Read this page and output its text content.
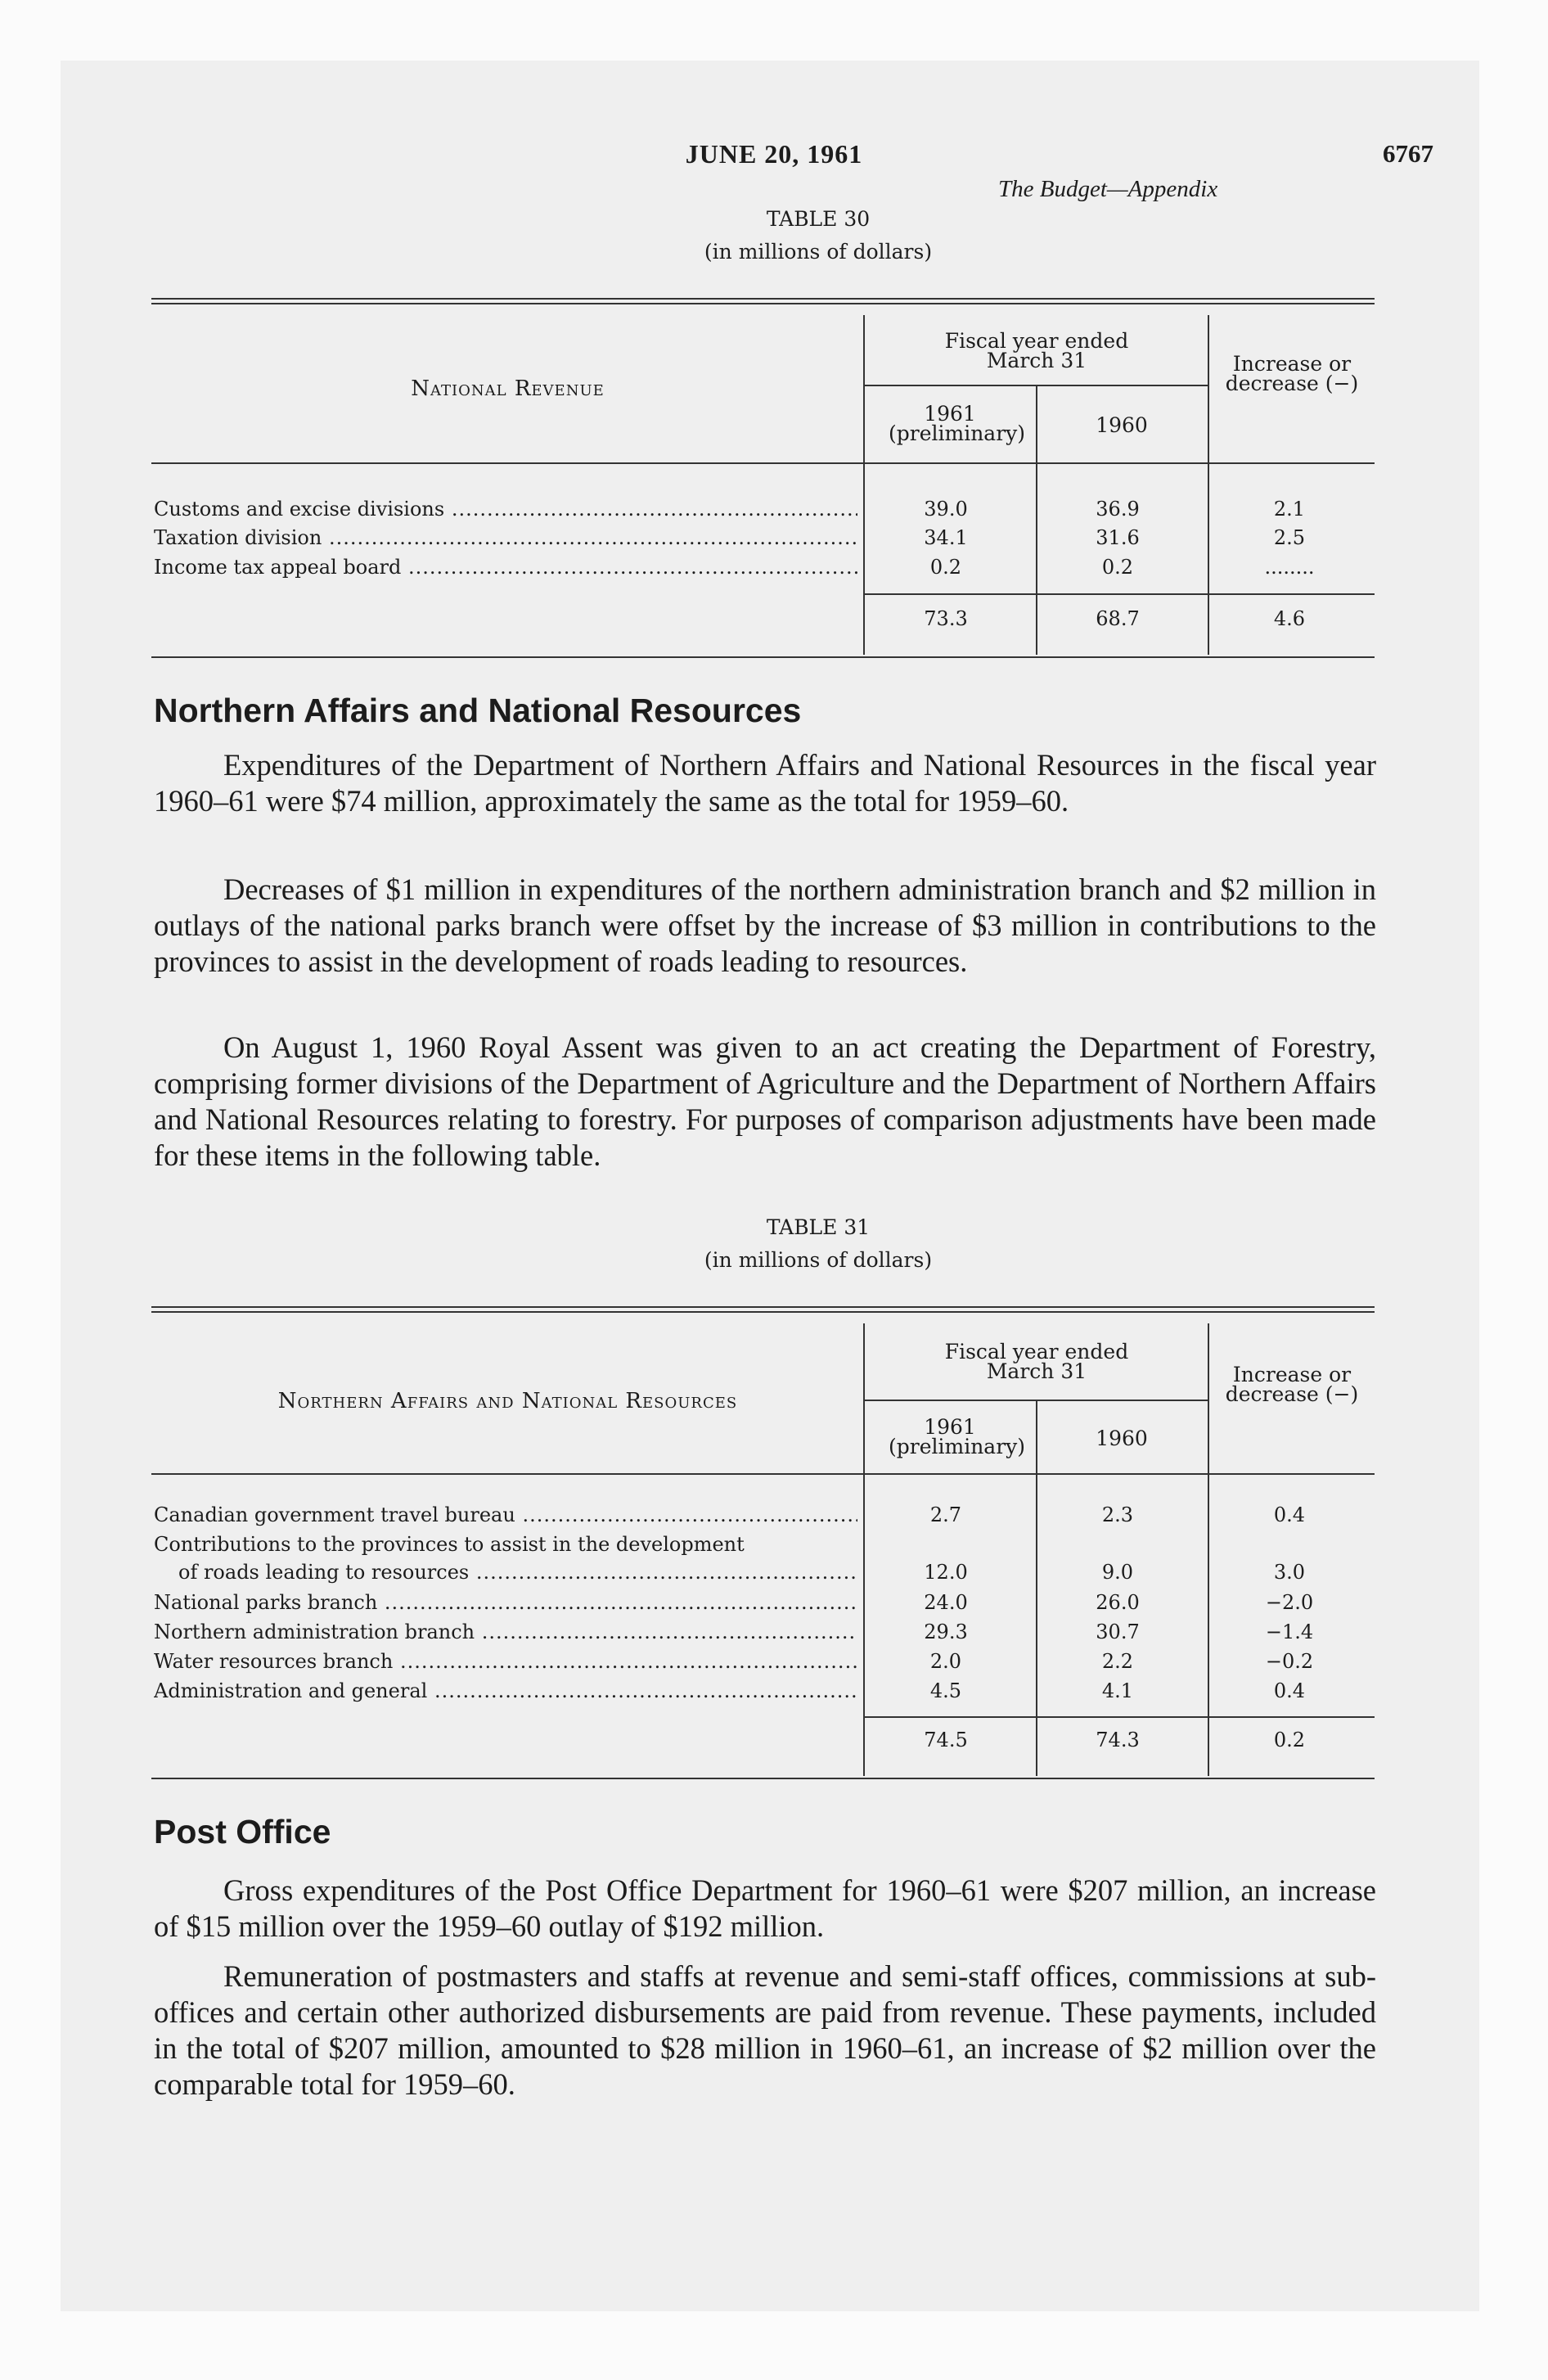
JUNE 20, 1961	6767
The Budget—Appendix
TABLE 30
(in millions of dollars)
National Revenue
Fiscal year ended March 31
1961 (preliminary)	1960
Increase or decrease (−)
Customs and excise divisions .....	39.0	36.9	2.1
Taxation division .....	34.1	31.6	2.5
Income tax appeal board .....	0.2	0.2	........
73.3	68.7	4.6
Northern Affairs and National Resources

Expenditures of the Department of Northern Affairs and National Resources in the fiscal year 1960–61 were $74 million, approximately the same as the total for 1959–60.

Decreases of $1 million in expenditures of the northern administration branch and $2 million in outlays of the national parks branch were offset by the increase of $3 million in contributions to the provinces to assist in the development of roads leading to resources.

On August 1, 1960 Royal Assent was given to an act creating the Department of Forestry, comprising former divisions of the Department of Agriculture and the Department of Northern Affairs and National Resources relating to forestry. For purposes of comparison adjustments have been made for these items in the following table.

TABLE 31
(in millions of dollars)
Northern Affairs and National Resources
Fiscal year ended March 31
1961 (preliminary)	1960
Increase or decrease (−)
Canadian government travel bureau .....	2.7	2.3	0.4
Contributions to the provinces to assist in the development
of roads leading to resources .....	12.0	9.0	3.0
National parks branch .....	24.0	26.0	−2.0
Northern administration branch .....	29.3	30.7	−1.4
Water resources branch .....	2.0	2.2	−0.2
Administration and general .....	4.5	4.1	0.4
74.5	74.3	0.2
Post Office

Gross expenditures of the Post Office Department for 1960–61 were $207 million, an increase of $15 million over the 1959–60 outlay of $192 million.

Remuneration of postmasters and staffs at revenue and semi-staff offices, commissions at sub-offices and certain other authorized disbursements are paid from revenue. These payments, included in the total of $207 million, amounted to $28 million in 1960–61, an increase of $2 million over the comparable total for 1959–60.
